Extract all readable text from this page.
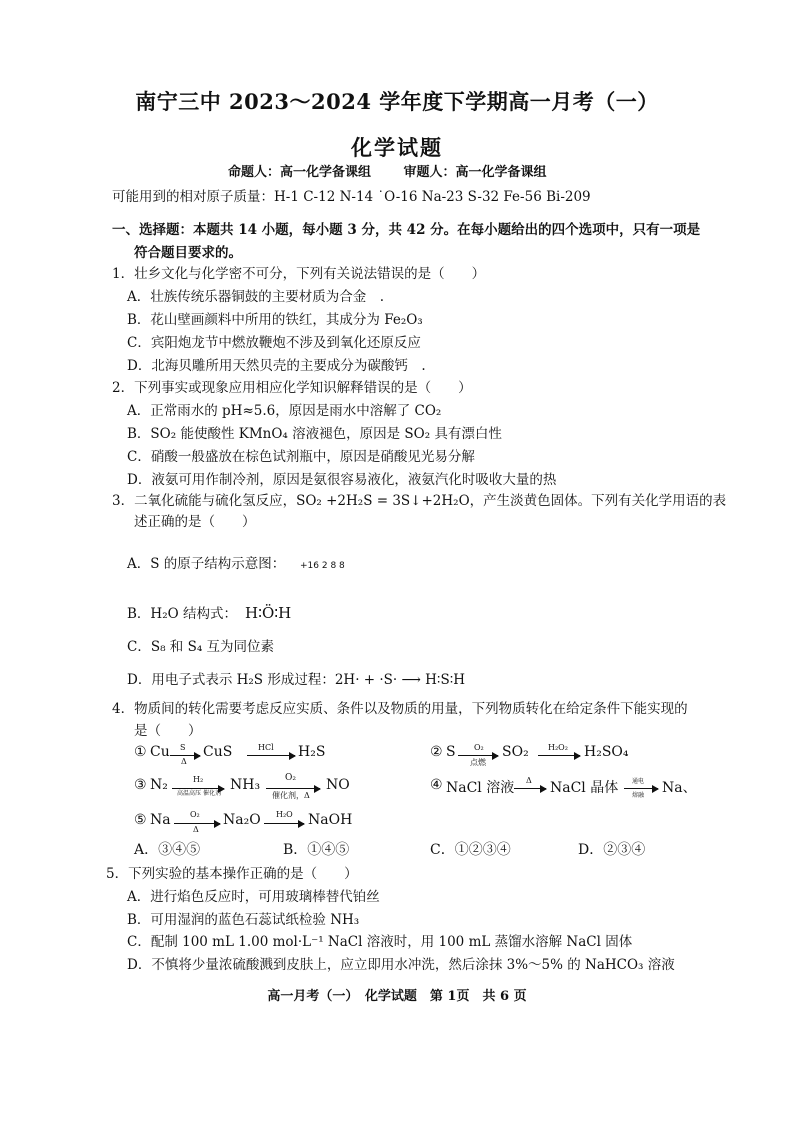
南宁三中 2023～2024 学年度下学期高一月考（一）
化学试题
命题人：高一化学备课组	审题人：高一化学备课组
可能用到的相对原子质量：H-1 C-12 N-14 ˙O-16 Na-23 S-32 Fe-56 Bi-209
一、选择题：本题共 14 小题，每小题 3 分，共 42 分。在每小题给出的四个选项中，只有一项是
符合题目要求的。
1．壮乡文化与化学密不可分，下列有关说法错误的是（　　）
A．壮族传统乐器铜鼓的主要材质为合金　.
B．花山壁画颜料中所用的铁红，其成分为 Fe₂O₃
C．宾阳炮龙节中燃放鞭炮不涉及到氧化还原反应
D．北海贝雕所用天然贝壳的主要成分为碳酸钙　.
2．下列事实或现象应用相应化学知识解释错误的是（　　）
A．正常雨水的 pH≈5.6，原因是雨水中溶解了 CO₂
B．SO₂ 能使酸性 KMnO₄ 溶液褪色，原因是 SO₂ 具有漂白性
C．硝酸一般盛放在棕色试剂瓶中，原因是硝酸见光易分解
D．液氨可用作制冷剂，原因是氨很容易液化，液氨汽化时吸收大量的热
3．二氧化硫能与硫化氢反应，SO₂ +2H₂S = 3S↓+2H₂O，产生淡黄色固体。下列有关化学用语的表
述正确的是（　　）
A．S 的原子结构示意图： +16 2 8 8
B．H₂O 结构式： H∶Ö∶H
C．S₈ 和 S₄ 互为同位素
D．用电子式表示 H₂S 形成过程：2H· + ·S· ⟶ H∶S∶H
4．物质间的转化需要考虑反应实质、条件以及物质的用量，下列物质转化在给定条件下能实现的
是（　　）
① Cu S
Δ
CuS	HCl H₂S	② S O₂
点燃
SO₂ H₂O₂ H₂SO₄
③ N₂	H₂
高温高压 催化剂
NH₃	O₂
催化剂，Δ
NO	④ NaCl 溶液 Δ NaCl 晶体 通电
熔融 Na、
⑤ Na O₂
Δ
Na₂O H₂O NaOH
A．③④⑤	B．①④⑤	C．①②③④	D．②③④
5．下列实验的基本操作正确的是（　　）
A．进行焰色反应时，可用玻璃棒替代铂丝
B．可用湿润的蓝色石蕊试纸检验 NH₃
C．配制 100 mL 1.00 mol·L⁻¹ NaCl 溶液时，用 100 mL 蒸馏水溶解 NaCl 固体
D．不慎将少量浓硫酸溅到皮肤上，应立即用水冲洗，然后涂抹 3%～5% 的 NaHCO₃ 溶液
高一月考（一）　化学试题　第 1页　共 6 页
